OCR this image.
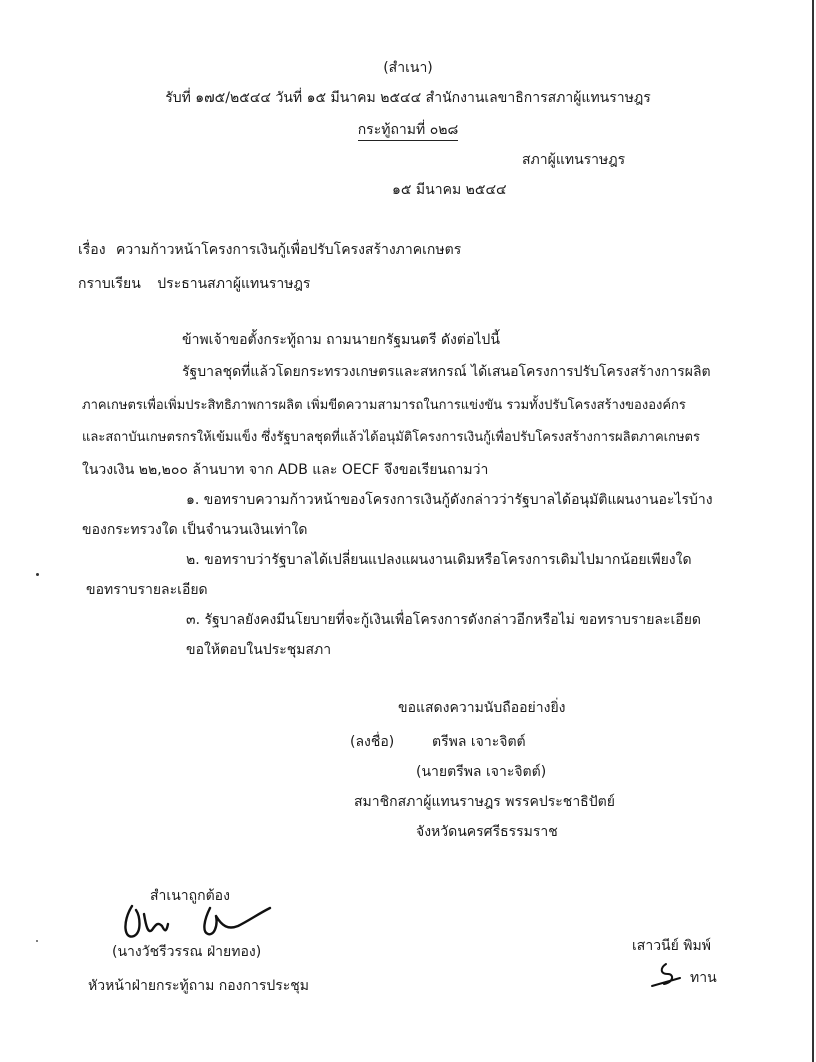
(สำเนา)
รับที่ ๑๗๕/๒๕๔๔ วันที่ ๑๕ มีนาคม ๒๕๔๔ สำนักงานเลขาธิการสภาผู้แทนราษฎร
กระทู้ถามที่ ๐๒๘
สภาผู้แทนราษฎร
๑๕ มีนาคม ๒๕๔๔
เรื่อง ความก้าวหน้าโครงการเงินกู้เพื่อปรับโครงสร้างภาคเกษตร
กราบเรียน ประธานสภาผู้แทนราษฎร
ข้าพเจ้าขอตั้งกระทู้ถาม ถามนายกรัฐมนตรี ดังต่อไปนี้
รัฐบาลชุดที่แล้วโดยกระทรวงเกษตรและสหกรณ์ ได้เสนอโครงการปรับโครงสร้างการผลิต
ภาคเกษตรเพื่อเพิ่มประสิทธิภาพการผลิต เพิ่มขีดความสามารถในการแข่งขัน รวมทั้งปรับโครงสร้างขององค์กร
และสถาบันเกษตรกรให้เข้มแข็ง ซึ่งรัฐบาลชุดที่แล้วได้อนุมัติโครงการเงินกู้เพื่อปรับโครงสร้างการผลิตภาคเกษตร
ในวงเงิน ๒๒,๒๐๐ ล้านบาท จาก ADB และ OECF จึงขอเรียนถามว่า
๑. ขอทราบความก้าวหน้าของโครงการเงินกู้ดังกล่าวว่ารัฐบาลได้อนุมัติแผนงานอะไรบ้าง
ของกระทรวงใด เป็นจำนวนเงินเท่าใด
๒. ขอทราบว่ารัฐบาลได้เปลี่ยนแปลงแผนงานเดิมหรือโครงการเดิมไปมากน้อยเพียงใด
ขอทราบรายละเอียด
๓. รัฐบาลยังคงมีนโยบายที่จะกู้เงินเพื่อโครงการดังกล่าวอีกหรือไม่ ขอทราบรายละเอียด
ขอให้ตอบในประชุมสภา
ขอแสดงความนับถืออย่างยิ่ง
(ลงชื่อ)	ตรีพล เจาะจิตต์
(นายตรีพล เจาะจิตต์)
สมาชิกสภาผู้แทนราษฎร พรรคประชาธิปัตย์
จังหวัดนครศรีธรรมราช
สำเนาถูกต้อง
(นางวัชรีวรรณ ฝ่ายทอง)
หัวหน้าฝ่ายกระทู้ถาม กองการประชุม
เสาวนีย์ พิมพ์
ทาน
